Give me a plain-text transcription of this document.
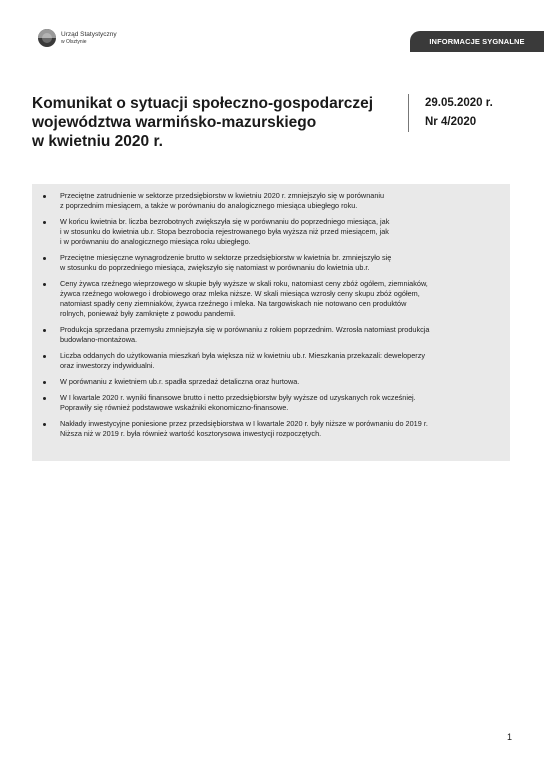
Urząd Statystyczny
w Olsztynie	INFORMACJE SYGNALNE
Komunikat o sytuacji społeczno-gospodarczej
województwa warmińsko-mazurskiego
w kwietniu 2020 r.
29.05.2020 r.
Nr 4/2020
Przeciętne zatrudnienie w sektorze przedsiębiorstw w kwietniu 2020 r. zmniejszyło się w porównaniu
z poprzednim miesiącem, a także w porównaniu do analogicznego miesiąca ubiegłego roku.
W końcu kwietnia br. liczba bezrobotnych zwiększyła się w porównaniu do poprzedniego miesiąca, jak
i w stosunku do kwietnia ub.r. Stopa bezrobocia rejestrowanego była wyższa niż przed miesiącem, jak
i w porównaniu do analogicznego miesiąca roku ubiegłego.
Przeciętne miesięczne wynagrodzenie brutto w sektorze przedsiębiorstw w kwietnia br. zmniejszyło się
w stosunku do poprzedniego miesiąca, zwiększyło się natomiast w porównaniu do kwietnia ub.r.
Ceny żywca rzeźnego wieprzowego w skupie były wyższe w skali roku, natomiast ceny zbóż ogółem, ziemniaków,
żywca rzeźnego wołowego i drobiowego oraz mleka niższe. W skali miesiąca wzrosły ceny skupu zbóż ogółem,
natomiast spadły ceny ziemniaków, żywca rzeźnego i mleka. Na targowiskach nie notowano cen produktów
rolnych, ponieważ były zamknięte z powodu pandemii.
Produkcja sprzedana przemysłu zmniejszyła się w porównaniu z rokiem poprzednim. Wzrosła natomiast produkcja
budowlano-montażowa.
Liczba oddanych do użytkowania mieszkań była większa niż w kwietniu ub.r. Mieszkania przekazali: deweloperzy
oraz inwestorzy indywidualni.
W porównaniu z kwietniem ub.r. spadła sprzedaż detaliczna oraz hurtowa.
W I kwartale 2020 r. wyniki finansowe brutto i netto przedsiębiorstw były wyższe od uzyskanych rok wcześniej.
Poprawiły się również podstawowe wskaźniki ekonomiczno-finansowe.
Nakłady inwestycyjne poniesione przez przedsiębiorstwa w I kwartale 2020 r. były niższe w porównaniu do 2019 r.
Niższa niż w 2019 r. była również wartość kosztorysowa inwestycji rozpoczętych.
1
